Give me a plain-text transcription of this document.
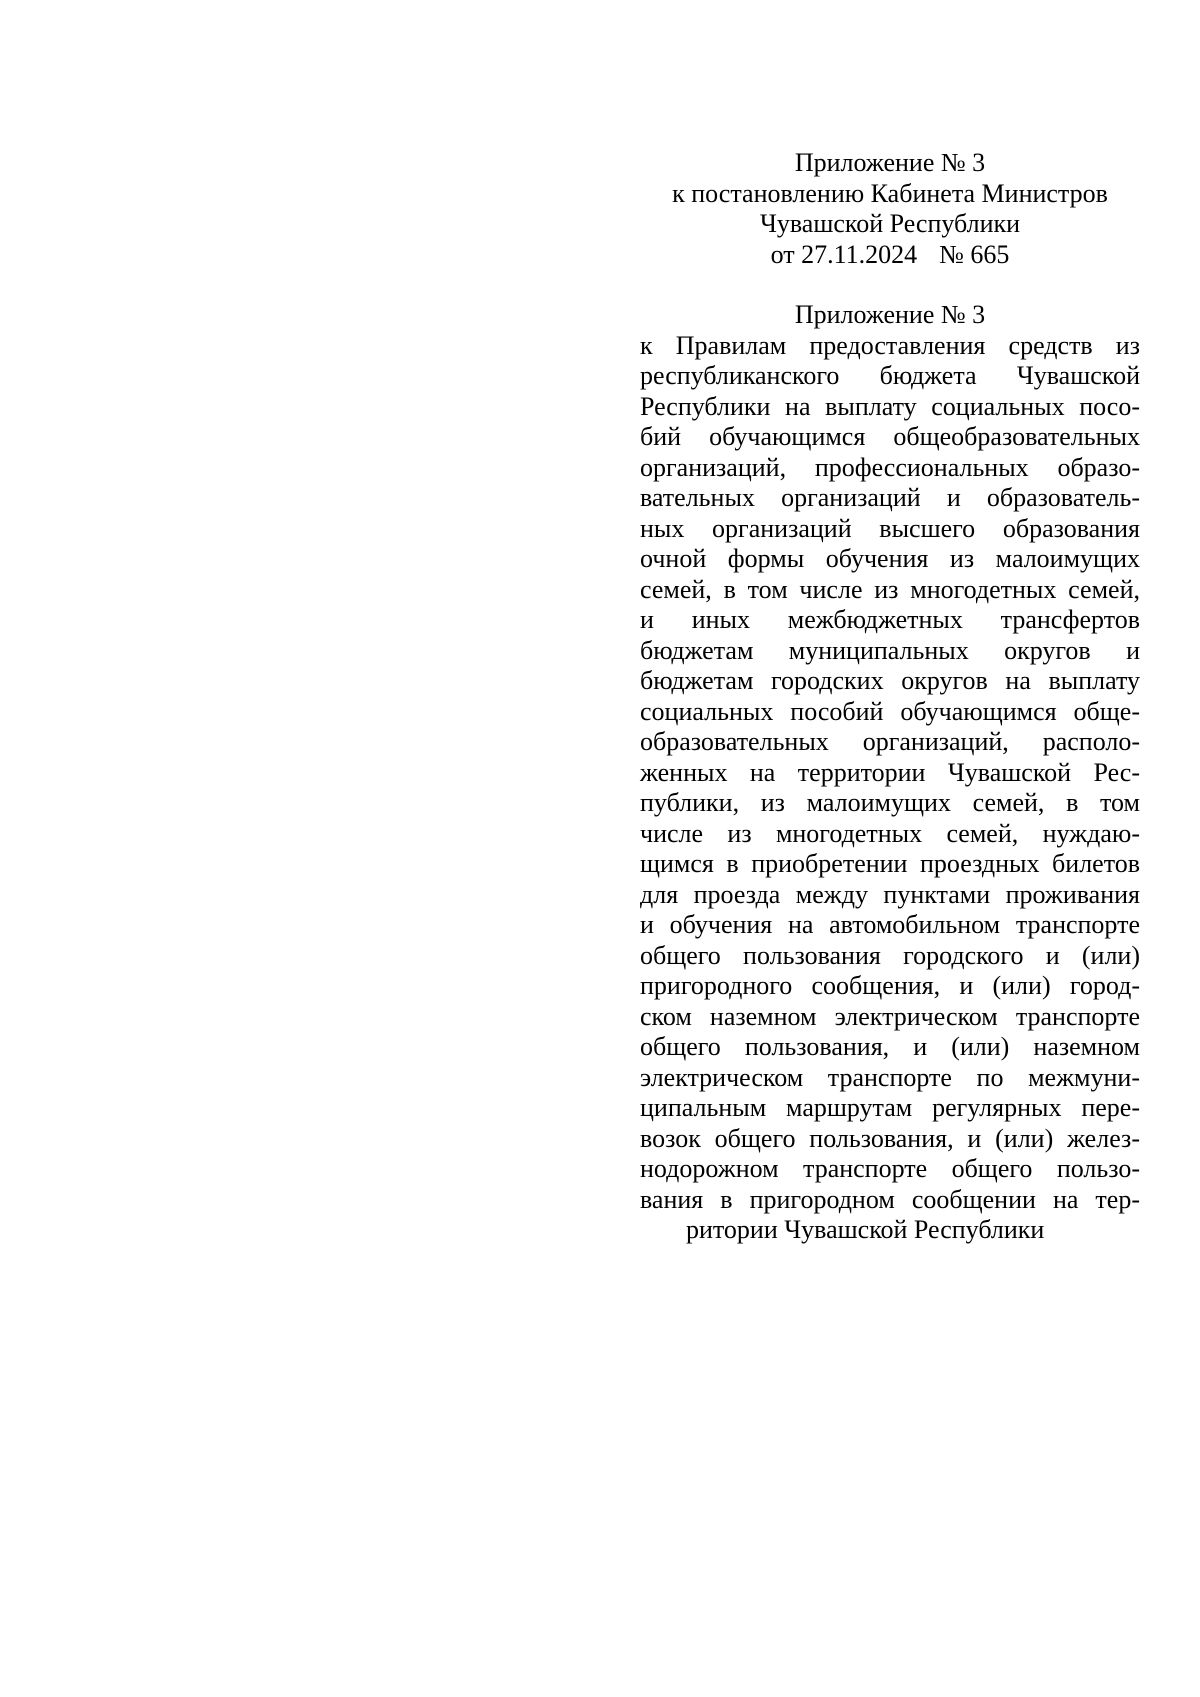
Приложение № 3
к постановлению Кабинета Министров
Чувашской Республики
от 27.11.2024 № 665
Приложение № 3
к Правилам предоставления средств из
республиканского бюджета Чувашской
Республики на выплату социальных посо-
бий обучающимся общеобразовательных
организаций, профессиональных образо-
вательных организаций и образователь-
ных организаций высшего образования
очной формы обучения из малоимущих
семей, в том числе из многодетных семей,
и иных межбюджетных трансфертов
бюджетам муниципальных округов и
бюджетам городских округов на выплату
социальных пособий обучающимся обще-
образовательных организаций, располо-
женных на территории Чувашской Рес-
публики, из малоимущих семей, в том
числе из многодетных семей, нуждаю-
щимся в приобретении проездных билетов
для проезда между пунктами проживания
и обучения на автомобильном транспорте
общего пользования городского и (или)
пригородного сообщения, и (или) город-
ском наземном электрическом транспорте
общего пользования, и (или) наземном
электрическом транспорте по межмуни-
ципальным маршрутам регулярных пере-
возок общего пользования, и (или) желез-
нодорожном транспорте общего пользо-
вания в пригородном сообщении на тер-
ритории Чувашской Республики
